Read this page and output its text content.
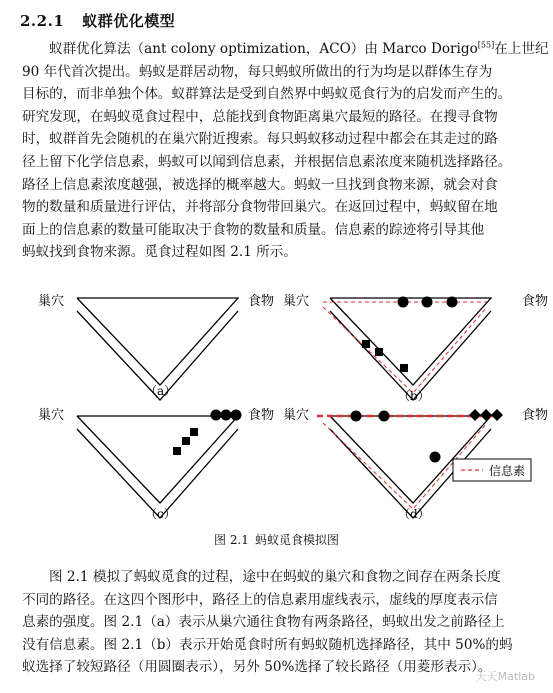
2.2.1 蚁群优化模型
蚁群优化算法（ant colony optimization，ACO）由 Marco Dorigo[55]在上世纪
90 年代首次提出。蚂蚁是群居动物，每只蚂蚁所做出的行为均是以群体生存为
目标的，而非单独个体。蚁群算法是受到自然界中蚂蚁觅食行为的启发而产生的。
研究发现，在蚂蚁觅食过程中，总能找到食物距离巢穴最短的路径。在搜寻食物
时，蚁群首先会随机的在巢穴附近搜索。每只蚂蚁移动过程中都会在其走过的路
径上留下化学信息素，蚂蚁可以闻到信息素，并根据信息素浓度来随机选择路径。
路径上信息素浓度越强，被选择的概率越大。蚂蚁一旦找到食物来源，就会对食
物的数量和质量进行评估，并将部分食物带回巢穴。在返回过程中，蚂蚁留在地
面上的信息素的数量可能取决于食物的数量和质量。信息素的踪迹将引导其他
蚂蚁找到食物来源。觅食过程如图 2.1 所示。
巢穴	食物
（a）
巢穴	食物
（b）
巢穴	食物
（c）
巢穴	食物
（d）
信息素
图 2.1 蚂蚁觅食模拟图
图 2.1 模拟了蚂蚁觅食的过程，途中在蚂蚁的巢穴和食物之间存在两条长度
不同的路径。在这四个图形中，路径上的信息素用虚线表示，虚线的厚度表示信
息素的强度。图 2.1（a）表示从巢穴通往食物有两条路径，蚂蚁出发之前路径上
没有信息素。图 2.1（b）表示开始觅食时所有蚂蚁随机选择路径，其中 50%的蚂
蚁选择了较短路径（用圆圈表示），另外 50%选择了较长路径（用菱形表示）。
天天Matlab
